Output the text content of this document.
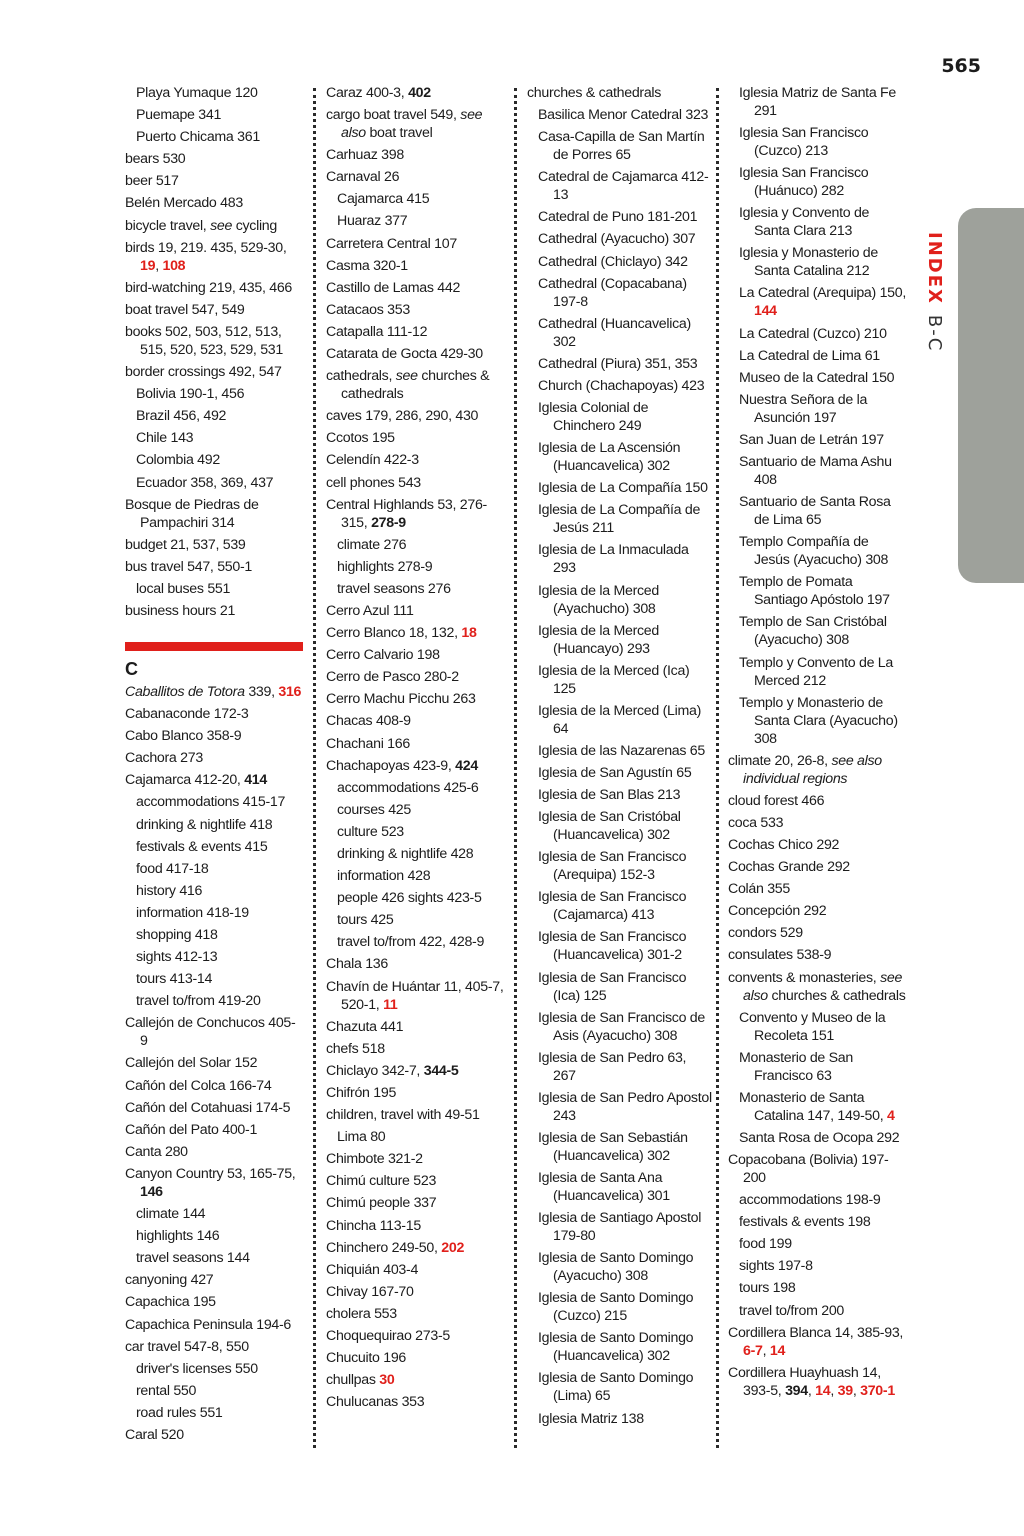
565
INDEXB-C
Playa Yumaque 120
Puemape 341
Puerto Chicama 361
bears 530
beer 517
Belén Mercado 483
bicycle travel, see cycling
birds 19, 219. 435, 529-30, 19, 108
bird-watching 219, 435, 466
boat travel 547, 549
books 502, 503, 512, 513, 515, 520, 523, 529, 531
border crossings 492, 547
Bolivia 190-1, 456
Brazil 456, 492
Chile 143
Colombia 492
Ecuador 358, 369, 437
Bosque de Piedras de Pampachiri 314
budget 21, 537, 539
bus travel 547, 550-1
local buses 551
business hours 21
C
Caballitos de Totora 339, 316
Cabanaconde 172-3
Cabo Blanco 358-9
Cachora 273
Cajamarca 412-20, 414
accommodations 415-17
drinking & nightlife 418
festivals & events 415
food 417-18
history 416
information 418-19
shopping 418
sights 412-13
tours 413-14
travel to/from 419-20
Callejón de Conchucos 405-9
Callejón del Solar 152
Cañón del Colca 166-74
Cañón del Cotahuasi 174-5
Cañón del Pato 400-1
Canta 280
Canyon Country 53, 165-75, 146
climate 144
highlights 146
travel seasons 144
canyoning 427
Capachica 195
Capachica Peninsula 194-6
car travel 547-8, 550
driver's licenses 550
rental 550
road rules 551
Caral 520
Caraz 400-3, 402
cargo boat travel 549, see also boat travel
Carhuaz 398
Carnaval 26
Cajamarca 415
Huaraz 377
Carretera Central 107
Casma 320-1
Castillo de Lamas 442
Catacaos 353
Catapalla 111-12
Catarata de Gocta 429-30
cathedrals, see churches & cathedrals
caves 179, 286, 290, 430
Ccotos 195
Celendín 422-3
cell phones 543
Central Highlands 53, 276-315, 278-9
climate 276
highlights 278-9
travel seasons 276
Cerro Azul 111
Cerro Blanco 18, 132, 18
Cerro Calvario 198
Cerro de Pasco 280-2
Cerro Machu Picchu 263
Chacas 408-9
Chachani 166
Chachapoyas 423-9, 424
accommodations 425-6
courses 425
culture 523
drinking & nightlife 428
information 428
people 426 sights 423-5
tours 425
travel to/from 422, 428-9
Chala 136
Chavín de Huántar 11, 405-7, 520-1, 11
Chazuta 441
chefs 518
Chiclayo 342-7, 344-5
Chifrón 195
children, travel with 49-51
Lima 80
Chimbote 321-2
Chimú culture 523
Chimú people 337
Chincha 113-15
Chinchero 249-50, 202
Chiquián 403-4
Chivay 167-70
cholera 553
Choquequirao 273-5
Chucuito 196
chullpas 30
Chulucanas 353
churches & cathedrals
Basilica Menor Catedral 323
Casa-Capilla de San Martín de Porres 65
Catedral de Cajamarca 412-13
Catedral de Puno 181-201
Cathedral (Ayacucho) 307
Cathedral (Chiclayo) 342
Cathedral (Copacabana) 197-8
Cathedral (Huancavelica) 302
Cathedral (Piura) 351, 353
Church (Chachapoyas) 423
Iglesia Colonial de Chinchero 249
Iglesia de La Ascensión (Huancavelica) 302
Iglesia de La Compañía 150
Iglesia de La Compañía de Jesús 211
Iglesia de La Inmaculada 293
Iglesia de la Merced (Ayachucho) 308
Iglesia de la Merced (Huancayo) 293
Iglesia de la Merced (Ica) 125
Iglesia de la Merced (Lima) 64
Iglesia de las Nazarenas 65
Iglesia de San Agustín 65
Iglesia de San Blas 213
Iglesia de San Cristóbal (Huancavelica) 302
Iglesia de San Francisco (Arequipa) 152-3
Iglesia de San Francisco (Cajamarca) 413
Iglesia de San Francisco (Huancavelica) 301-2
Iglesia de San Francisco (Ica) 125
Iglesia de San Francisco de Asis (Ayacucho) 308
Iglesia de San Pedro 63, 267
Iglesia de San Pedro Apostol 243
Iglesia de San Sebastián (Huancavelica) 302
Iglesia de Santa Ana (Huancavelica) 301
Iglesia de Santiago Apostol 179-80
Iglesia de Santo Domingo (Ayacucho) 308
Iglesia de Santo Domingo (Cuzco) 215
Iglesia de Santo Domingo (Huancavelica) 302
Iglesia de Santo Domingo (Lima) 65
Iglesia Matriz 138
Iglesia Matriz de Santa Fe 291
Iglesia San Francisco (Cuzco) 213
Iglesia San Francisco (Huánuco) 282
Iglesia y Convento de Santa Clara 213
Iglesia y Monasterio de Santa Catalina 212
La Catedral (Arequipa) 150, 144
La Catedral (Cuzco) 210
La Catedral de Lima 61
Museo de la Catedral 150
Nuestra Señora de la Asunción 197
San Juan de Letrán 197
Santuario de Mama Ashu 408
Santuario de Santa Rosa de Lima 65
Templo Compañía de Jesús (Ayacucho) 308
Templo de Pomata Santiago Apóstolo 197
Templo de San Cristóbal (Ayacucho) 308
Templo y Convento de La Merced 212
Templo y Monasterio de Santa Clara (Ayacucho) 308
climate 20, 26-8, see also individual regions
cloud forest 466
coca 533
Cochas Chico 292
Cochas Grande 292
Colán 355
Concepción 292
condors 529
consulates 538-9
convents & monasteries, see also churches & cathedrals
Convento y Museo de la Recoleta 151
Monasterio de San Francisco 63
Monasterio de Santa Catalina 147, 149-50, 4
Santa Rosa de Ocopa 292
Copacobana (Bolivia) 197-200
accommodations 198-9
festivals & events 198
food 199
sights 197-8
tours 198
travel to/from 200
Cordillera Blanca 14, 385-93, 6-7, 14
Cordillera Huayhuash 14, 393-5, 394, 14, 39, 370-1
